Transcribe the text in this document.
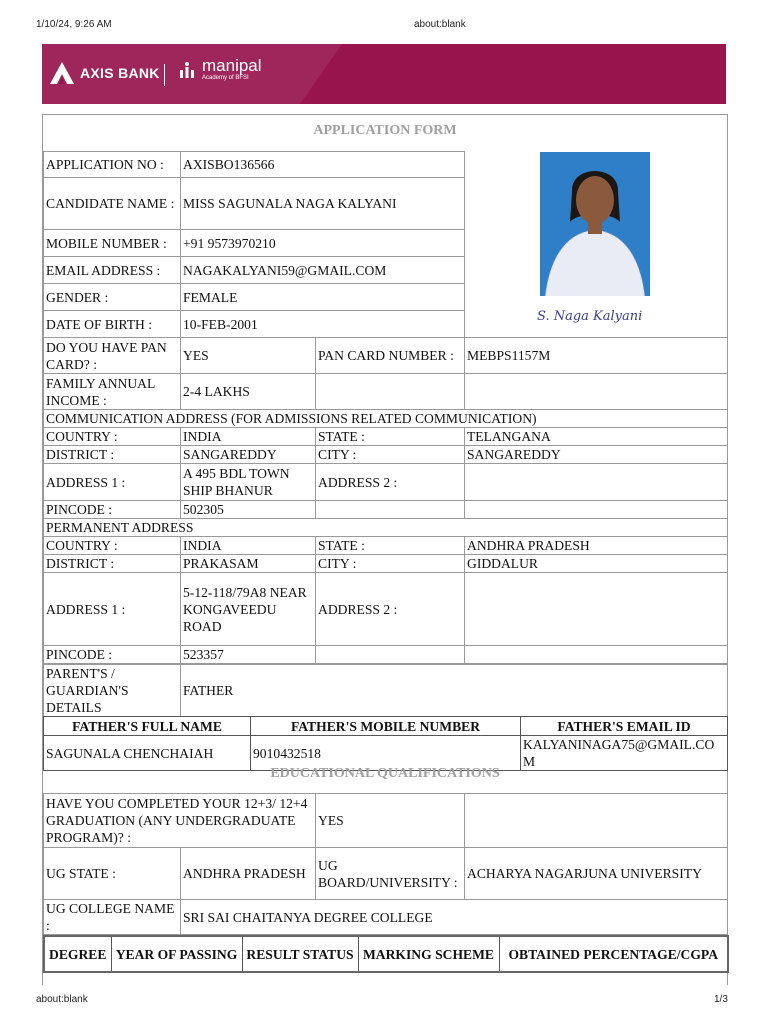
1/10/24, 9:26 AM	about:blank
about:blank	1/3
AXIS BANK manipal
Academy of BFSI
APPLICATION FORM
APPLICATION NO :	AXISBO136566
CANDIDATE NAME :	MISS SAGUNALA NAGA KALYANI
MOBILE NUMBER :	+91 9573970210
EMAIL ADDRESS :	NAGAKALYANI59@GMAIL.COM
GENDER :	FEMALE
DATE OF BIRTH :	10-FEB-2001	S. Naga Kalyani
DO YOU HAVE PAN CARD? :	YES	PAN CARD NUMBER :	MEBPS1157M
FAMILY ANNUAL INCOME :	2-4 LAKHS		
COMMUNICATION ADDRESS (FOR ADMISSIONS RELATED COMMUNICATION)			
COUNTRY :	INDIA	STATE :	TELANGANA
DISTRICT :	SANGAREDDY	CITY :	SANGAREDDY
ADDRESS 1 :	A 495 BDL TOWN SHIP BHANUR	ADDRESS 2 :	
PINCODE :	502305		
PERMANENT ADDRESS			
COUNTRY :	INDIA	STATE :	ANDHRA PRADESH
DISTRICT :	PRAKASAM	CITY :	GIDDALUR
ADDRESS 1 :	5-12-118/79A8 NEAR KONGAVEEDU ROAD	ADDRESS 2 :	
PINCODE :	523357		
PARENT'S / GUARDIAN'S DETAILS	FATHER
FATHER'S FULL NAME	FATHER'S MOBILE NUMBER	FATHER'S EMAIL ID
SAGUNALA CHENCHAIAH	9010432518	KALYANINAGA75@GMAIL.COM
EDUCATIONAL QUALIFICATIONS
HAVE YOU COMPLETED YOUR 12+3/ 12+4 GRADUATION (ANY UNDERGRADUATE PROGRAM)? :		YES	
UG STATE :	ANDHRA PRADESH	UG BOARD/UNIVERSITY :	ACHARYA NAGARJUNA UNIVERSITY
UG COLLEGE NAME :	SRI SAI CHAITANYA DEGREE COLLEGE		
DEGREE	YEAR OF PASSING	RESULT STATUS	MARKING SCHEME	OBTAINED PERCENTAGE/CGPA
